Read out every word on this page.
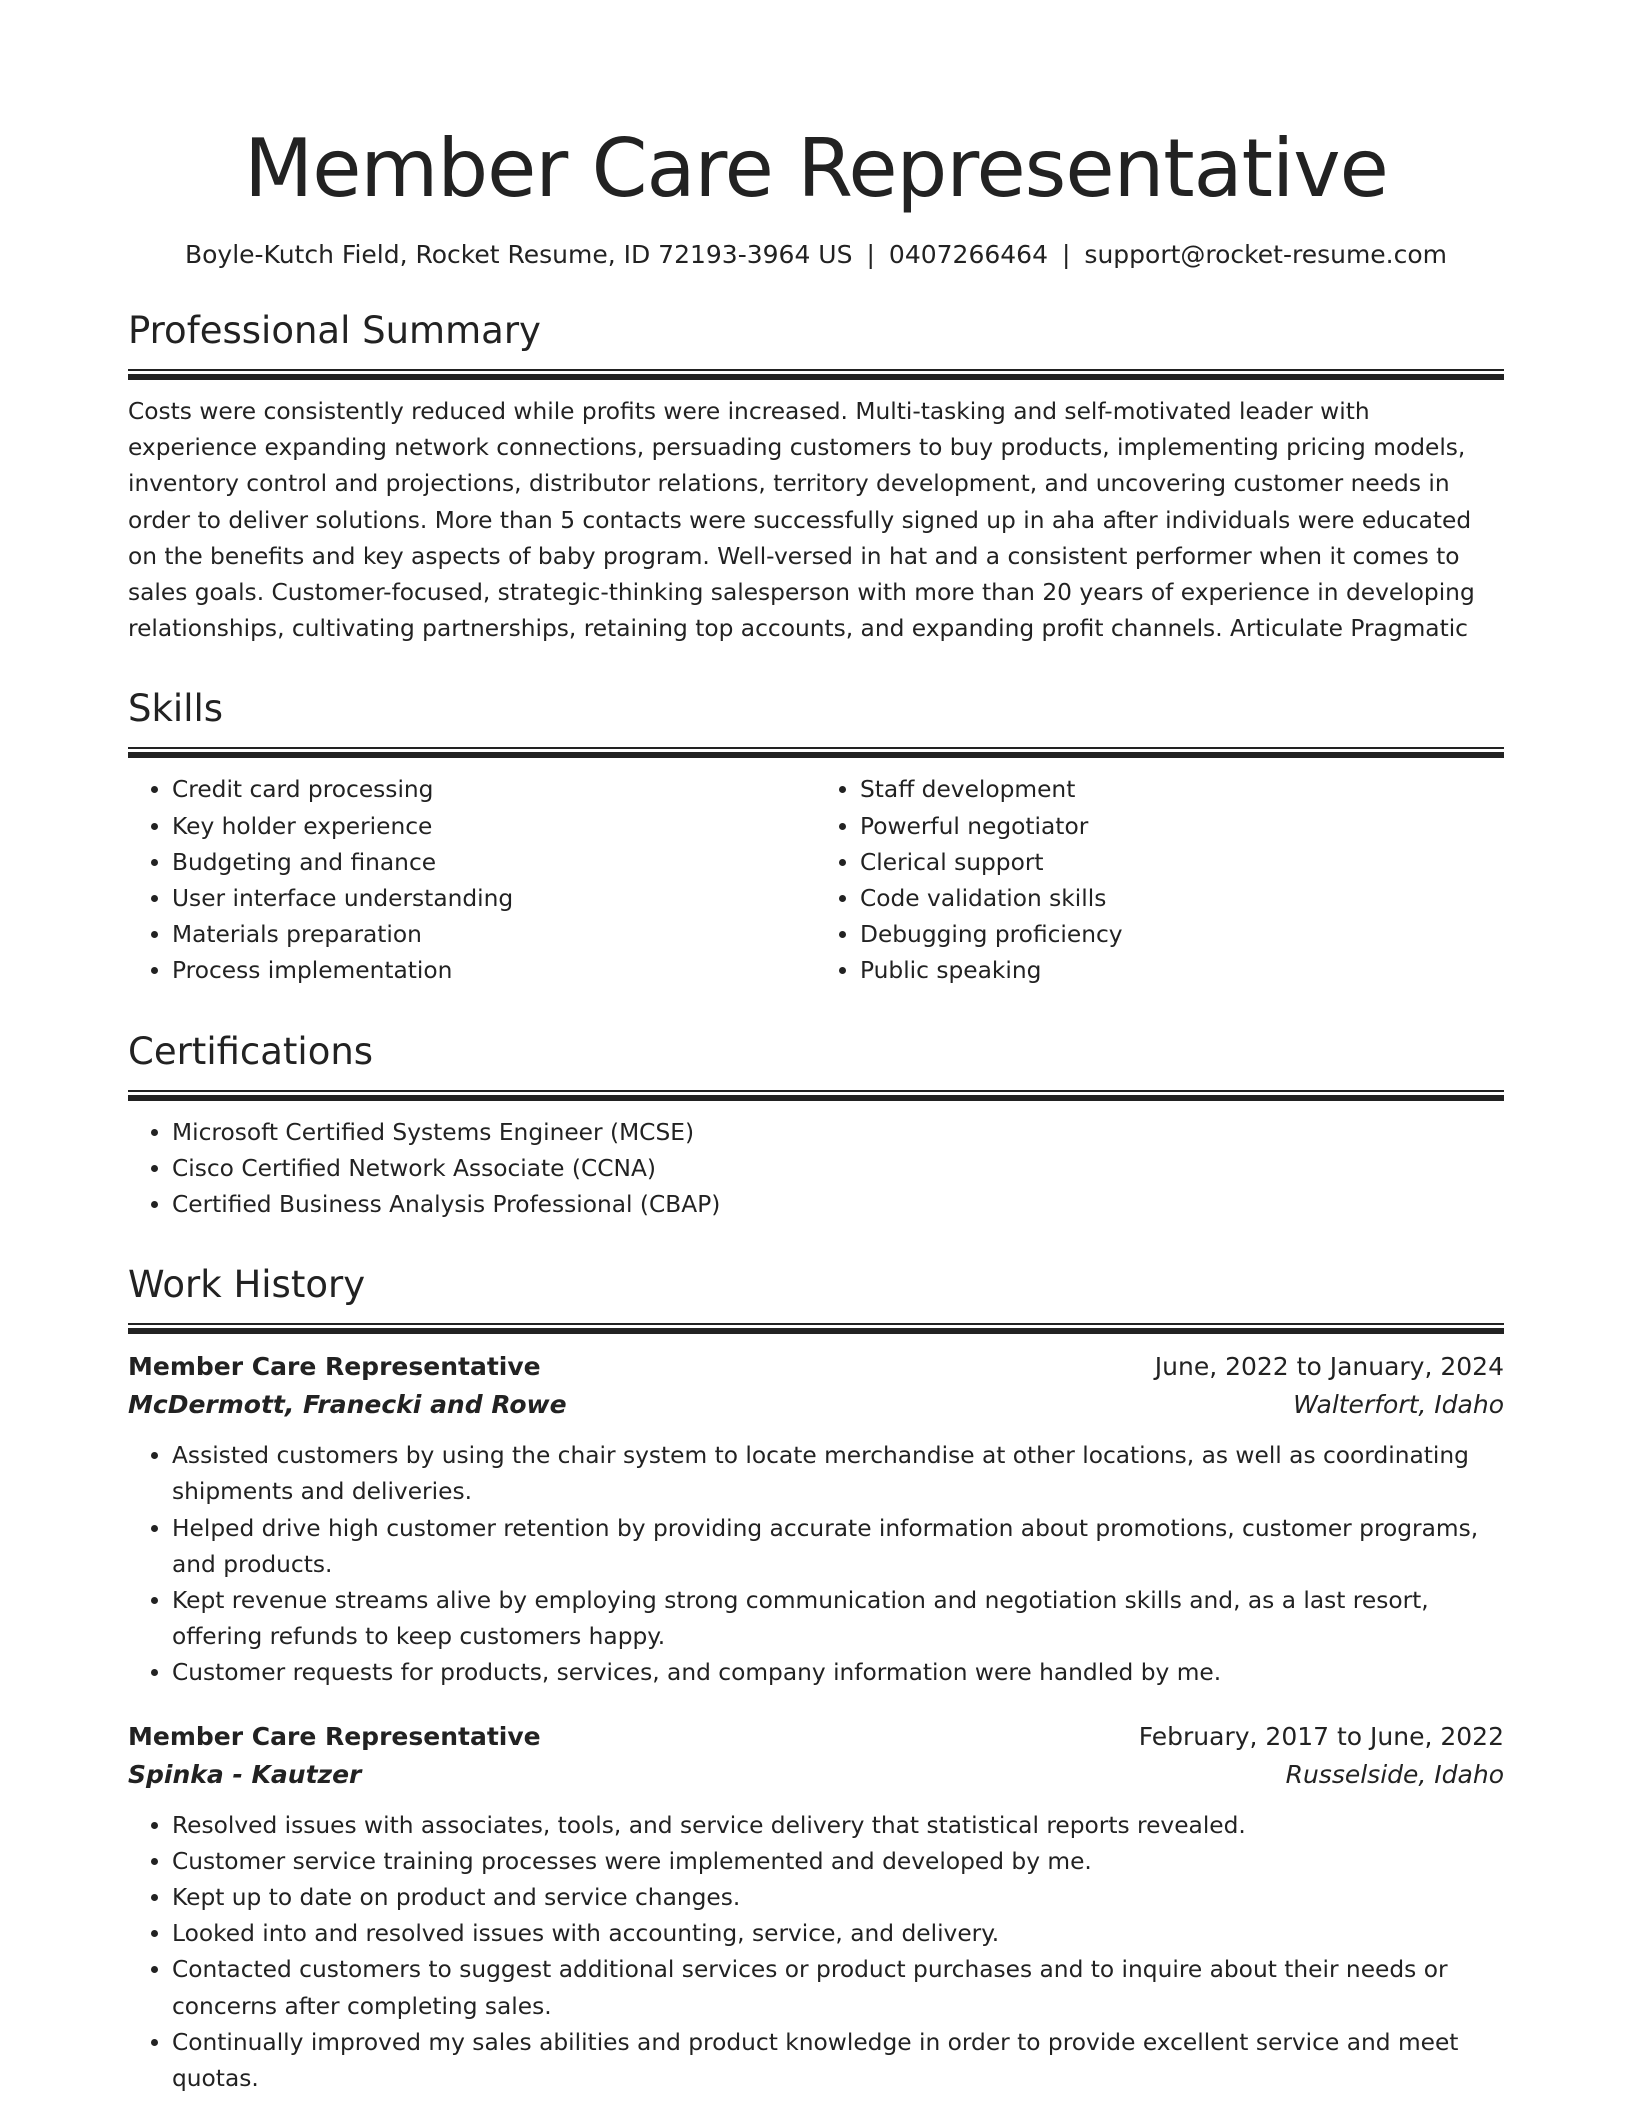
Member Care Representative
Boyle-Kutch Field, Rocket Resume, ID 72193-3964 US | 0407266464 | support@rocket-resume.com
Professional Summary

Costs were consistently reduced while profits were increased. Multi-tasking and self-motivated leader with experience expanding network connections, persuading customers to buy products, implementing pricing models, inventory control and projections, distributor relations, territory development, and uncovering customer needs in order to deliver solutions. More than 5 contacts were successfully signed up in aha after individuals were educated on the benefits and key aspects of baby program. Well-versed in hat and a consistent performer when it comes to sales goals. Customer-focused, strategic-thinking salesperson with more than 20 years of experience in developing relationships, cultivating partnerships, retaining top accounts, and expanding profit channels. Articulate Pragmatic

Skills
• Credit card processing
• Key holder experience
• Budgeting and finance
• User interface understanding
• Materials preparation
• Process implementation
• Staff development
• Powerful negotiator
• Clerical support
• Code validation skills
• Debugging proficiency
• Public speaking
Certifications
• Microsoft Certified Systems Engineer (MCSE)
• Cisco Certified Network Associate (CCNA)
• Certified Business Analysis Professional (CBAP)
Work History
Member Care Representative	June, 2022 to January, 2024
McDermott, Franecki and Rowe	Walterfort, Idaho
• Assisted customers by using the chair system to locate merchandise at other locations, as well as coordinating shipments and deliveries.
• Helped drive high customer retention by providing accurate information about promotions, customer programs, and products.
• Kept revenue streams alive by employing strong communication and negotiation skills and, as a last resort, offering refunds to keep customers happy.
• Customer requests for products, services, and company information were handled by me.
Member Care Representative	February, 2017 to June, 2022
Spinka - Kautzer	Russelside, Idaho
• Resolved issues with associates, tools, and service delivery that statistical reports revealed.
• Customer service training processes were implemented and developed by me.
• Kept up to date on product and service changes.
• Looked into and resolved issues with accounting, service, and delivery.
• Contacted customers to suggest additional services or product purchases and to inquire about their needs or concerns after completing sales.
• Continually improved my sales abilities and product knowledge in order to provide excellent service and meet quotas.
